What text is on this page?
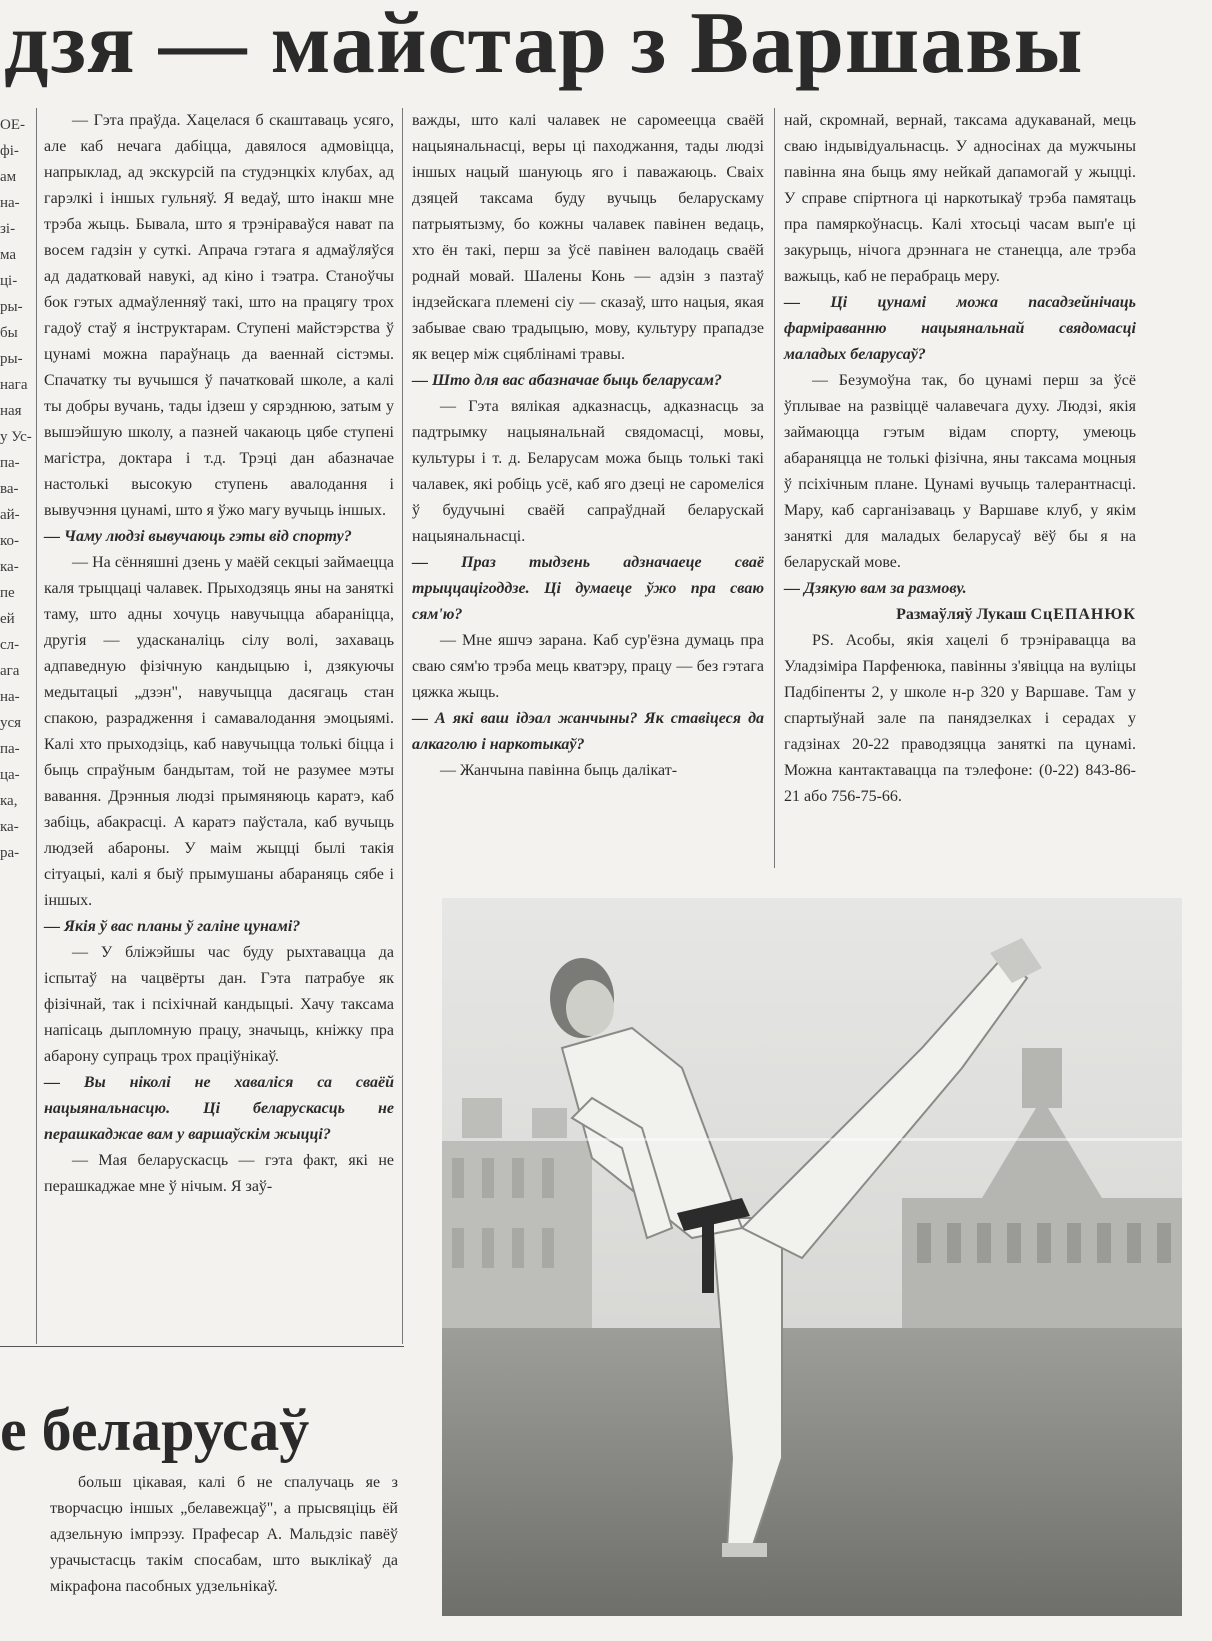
дзя — майстар з Варшавы
ОЕ-
фі-
ам
на-
зі-
ма
ці-
ры-
бы
ры-
нага
ная
у Ус-
па-
ва-
ай-
ко-
ка-
пе
ей
сл-
ага
на-
уся
па-
ца-
ка,
ка-
ра-

— Гэта праўда. Хацелася б скаштаваць усяго, але каб нечага дабіцца, давялося адмовіцца, напрыклад, ад экскурсій па студэнцкіх клубах, ад гарэлкі і іншых гульняў. Я ведаў, што інакш мне трэба жыць. Бывала, што я трэніраваўся нават па восем гадзін у суткі. Апрача гэтага я адмаўляўся ад дадатковай навукі, ад кіно і тэатра. Станоўчы бок гэтых адмаўленняў такі, што на працягу трох гадоў стаў я інструктарам. Ступені майстэрства ў цунамі можна параўнаць да ваеннай сістэмы. Спачатку ты вучышся ў пачатковай школе, а калі ты добры вучань, тады ідзеш у сярэднюю, затым у вышэйшую школу, а пазней чакаюць цябе ступені магістра, доктара і т.д. Трэці дан абазначае настолькі высокую ступень авалодання і вывучэння цунамі, што я ўжо магу вучыць іншых.

— Чаму людзі вывучаюць гэты від спорту?

— На сённяшні дзень у маёй секцыі займаецца каля трыццаці чалавек. Прыходзяць яны на заняткі таму, што адны хочуць навучыцца абараніцца, другія — удасканаліць сілу волі, захаваць адпаведную фізічную кандыцыю і, дзякуючы медытацыі „дзэн", навучыцца дасягаць стан спакою, разрадження і самавалодання эмоцыямі. Калі хто прыходзіць, каб навучыцца толькі біцца і быць спраўным бандытам, той не разумее мэты вавання. Дрэнныя людзі прымяняюць каратэ, каб забіць, абакрасці. А каратэ паўстала, каб вучыць людзей абароны. У маім жыцці былі такія сітуацыі, калі я быў прымушаны абараняць сябе і іншых.

— Якія ў вас планы ў галіне цунамі?

— У бліжэйшы час буду рыхтавацца да іспытаў на чацвёрты дан. Гэта патрабуе як фізічнай, так і псіхічнай кандыцыі. Хачу таксама напісаць дыпломную працу, значыць, кніжку пра абарону супраць трох праціўнікаў.

— Вы ніколі не хаваліся са сваёй нацыянальнасцю. Ці беларускасць не перашкаджае вам у варшаўскім жыцці?

— Мая беларускасць — гэта факт, які не перашкаджае мне ў нічым. Я заў-

важды, што калі чалавек не саромеецца сваёй нацыянальнасці, веры ці паходжання, тады людзі іншых нацый шануюць яго і паважаюць. Сваіх дзяцей таксама буду вучыць беларускаму патрыятызму, бо кожны чалавек павінен ведаць, хто ён такі, перш за ўсё павінен валодаць сваёй роднай мовай. Шалены Конь — адзін з пазтаў індзейскага племені сіу — сказаў, што нацыя, якая забывае сваю традыцыю, мову, культуру прападзе як вецер між сцяблінамі травы.

— Што для вас абазначае быць беларусам?

— Гэта вялікая адказнасць, адказнасць за падтрымку нацыянальнай свядомасці, мовы, культуры і т. д. Беларусам можа быць толькі такі чалавек, які робіць усё, каб яго дзеці не саромеліся ў будучыні сваёй сапраўднай беларускай нацыянальнасці.

— Праз тыдзень адзначаеце сваё трыццацігоддзе. Ці думаеце ўжо пра сваю сям'ю?

— Мне яшчэ зарана. Каб сур'ёзна думаць пра сваю сям'ю трэба мець кватэру, працу — без гэтага цяжка жыць.

— А які ваш ідэал жанчыны? Як ставіцеся да алкаголю і наркотыкаў?

— Жанчына павінна быць далікат-

най, скромнай, вернай, таксама адукаванай, мець сваю індывідуальнасць. У адносінах да мужчыны павінна яна быць яму нейкай дапамогай у жыцці. У справе спіртнога ці наркотыкаў трэба памятаць пра памяркоўнасць. Калі хтосьці часам вып'е ці закурыць, нічога дрэннага не станецца, але трэба важыць, каб не перабраць меру.

— Ці цунамі можа пасадзейнічаць фарміраванню нацыянальнай свядомасці маладых беларусаў?

— Безумоўна так, бо цунамі перш за ўсё ўплывае на развіццё чалавечага духу. Людзі, якія займаюцца гэтым відам спорту, умеюць абараняцца не толькі фізічна, яны таксама моцныя ў псіхічным плане. Цунамі вучыць талерантнасці. Мару, каб сарганізаваць у Варшаве клуб, у якім заняткі для маладых беларусаў вёў бы я на беларускай мове.

— Дзякую вам за размову.

Размаўляў Лукаш СцЕПАНЮК

PS. Асобы, якія хацелі б трэніравацца ва Уладзіміра Парфенюка, павінны з'явіцца на вуліцы Падбіпенты 2, у школе н-р 320 у Варшаве. Там у спартыўнай зале па панядзелках і серадах у гадзінах 20-22 праводзяцца заняткі па цунамі. Можна кантактавацца па тэлефоне: (0-22) 843-86-21 або 756-75-66.

е беларусаў

больш цікавая, калі б не спалучаць яе з творчасцю іншых „белавежцаў", а прысвяціць ёй адзельную імпрэзу. Прафесар А. Мальдзіс павёў урачыстасць такім спосабам, што выклікаў да мікрафона пасобных удзельнікаў.
